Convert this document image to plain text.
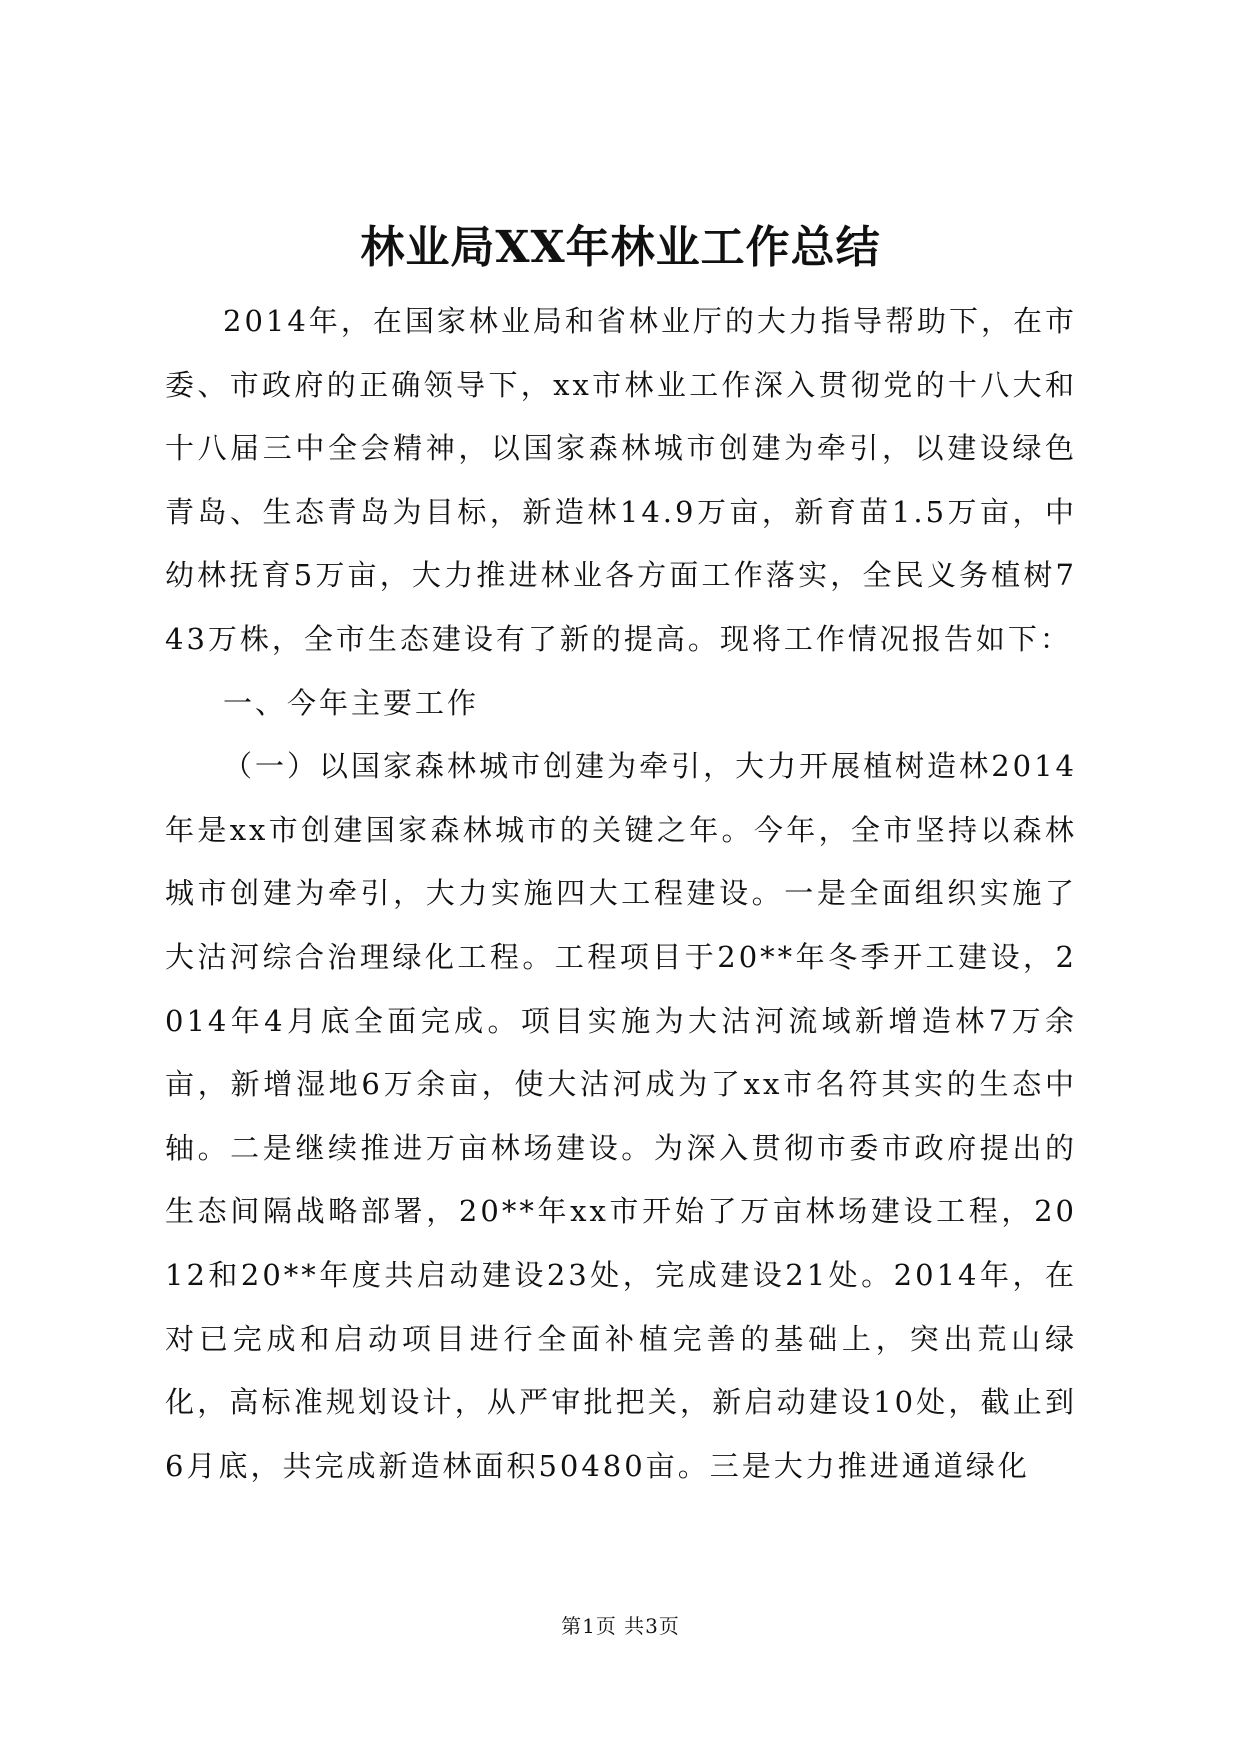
林业局XX年林业工作总结

2014年，在国家林业局和省林业厅的大力指导帮助下，在市委、市政府的正确领导下，xx市林业工作深入贯彻党的十八大和十八届三中全会精神，以国家森林城市创建为牵引，以建设绿色青岛、生态青岛为目标，新造林14.9万亩，新育苗1.5万亩，中幼林抚育5万亩，大力推进林业各方面工作落实，全民义务植树743万株，全市生态建设有了新的提高。现将工作情况报告如下：

一、今年主要工作

（一）以国家森林城市创建为牵引，大力开展植树造林2014年是xx市创建国家森林城市的关键之年。今年，全市坚持以森林城市创建为牵引，大力实施四大工程建设。一是全面组织实施了大沽河综合治理绿化工程。工程项目于20**年冬季开工建设，2014年4月底全面完成。项目实施为大沽河流域新增造林7万余亩，新增湿地6万余亩，使大沽河成为了xx市名符其实的生态中轴。二是继续推进万亩林场建设。为深入贯彻市委市政府提出的生态间隔战略部署，20**年xx市开始了万亩林场建设工程，2012和20**年度共启动建设23处，完成建设21处。2014年，在对已完成和启动项目进行全面补植完善的基础上，突出荒山绿化，高标准规划设计，从严审批把关，新启动建设10处，截止到6月底，共完成新造林面积50480亩。三是大力推进通道绿化

第1页 共3页
